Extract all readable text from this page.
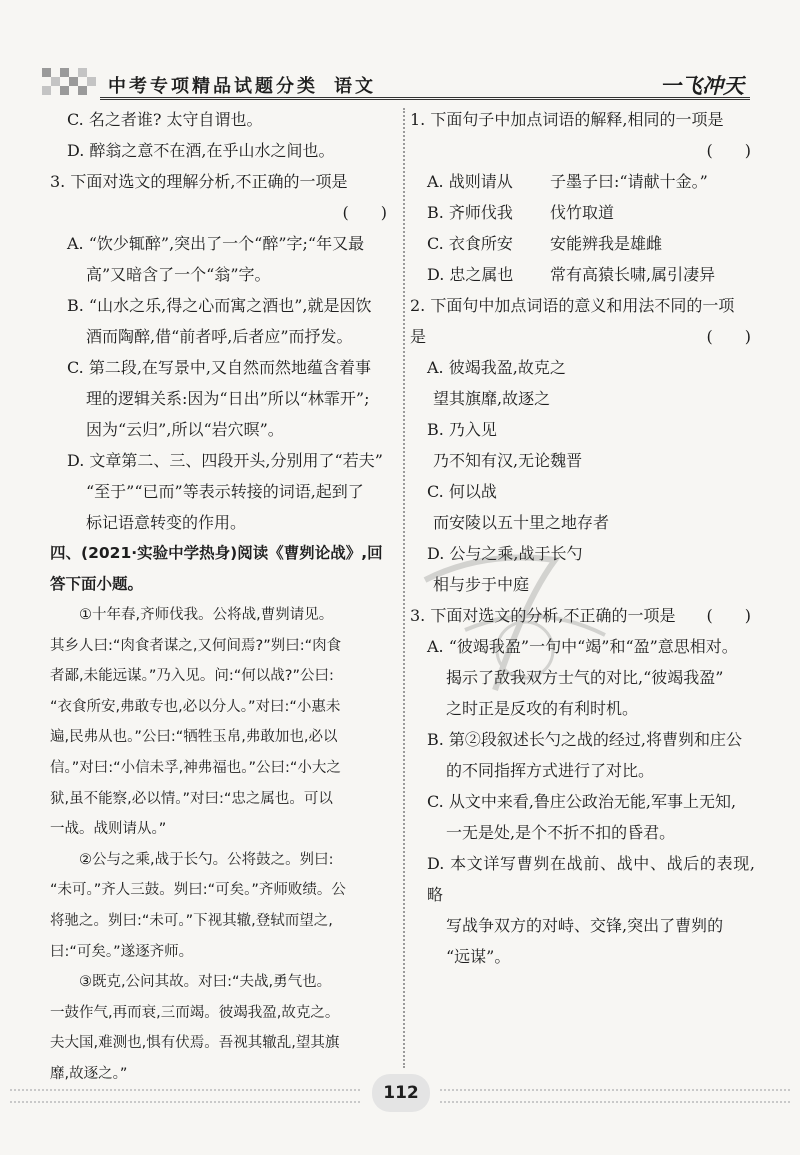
中考专项精品试题分类 语文	一飞冲天

C. 名之者谁? 太守自谓也。

D. 醉翁之意不在酒,在乎山水之间也。

3. 下面对选文的理解分析,不正确的一项是

(　　)

A. “饮少辄醉”,突出了一个“醉”字;“年又最

高”又暗含了一个“翁”字。

B. “山水之乐,得之心而寓之酒也”,就是因饮

酒而陶醉,借“前者呼,后者应”而抒发。

C. 第二段,在写景中,又自然而然地蕴含着事

理的逻辑关系:因为“日出”所以“林霏开”;

因为“云归”,所以“岩穴暝”。

D. 文章第二、三、四段开头,分别用了“若夫”

“至于”“已而”等表示转接的词语,起到了

标记语意转变的作用。

四、(2021·实验中学热身)阅读《曹刿论战》,回

答下面小题。

①十年春,齐师伐我。公将战,曹刿请见。

其乡人曰:“肉食者谋之,又何间焉?”刿曰:“肉食

者鄙,未能远谋。”乃入见。问:“何以战?”公曰:

“衣食所安,弗敢专也,必以分人。”对曰:“小惠未

遍,民弗从也。”公曰:“牺牲玉帛,弗敢加也,必以

信。”对曰:“小信未孚,神弗福也。”公曰:“小大之

狱,虽不能察,必以情。”对曰:“忠之属也。可以

一战。战则请从。”

②公与之乘,战于长勺。公将鼓之。刿曰:

“未可。”齐人三鼓。刿曰:“可矣。”齐师败绩。公

将驰之。刿曰:“未可。”下视其辙,登轼而望之,

曰:“可矣。”遂逐齐师。

③既克,公问其故。对曰:“夫战,勇气也。

一鼓作气,再而衰,三而竭。彼竭我盈,故克之。

夫大国,难测也,惧有伏焉。吾视其辙乱,望其旗

靡,故逐之。”

1. 下面句子中加点词语的解释,相同的一项是

(　　)

A. 战则请从	子墨子曰:“请献十金。”
B. 齐师伐我	伐竹取道
C. 衣食所安	安能辨我是雄雌
D. 忠之属也	常有高猿长啸,属引凄异

2. 下面句中加点词语的意义和用法不同的一项

(　　)
是

A. 彼竭我盈,故克之

望其旗靡,故逐之

B. 乃入见

乃不知有汉,无论魏晋

C. 何以战

而安陵以五十里之地存者

D. 公与之乘,战于长勺

相与步于中庭

(　　)
3. 下面对选文的分析,不正确的一项是

A. “彼竭我盈”一句中“竭”和“盈”意思相对。

揭示了敌我双方士气的对比,“彼竭我盈”

之时正是反攻的有利时机。

B. 第②段叙述长勺之战的经过,将曹刿和庄公

的不同指挥方式进行了对比。

C. 从文中来看,鲁庄公政治无能,军事上无知,

一无是处,是个不折不扣的昏君。

D. 本文详写曹刿在战前、战中、战后的表现,略

写战争双方的对峙、交锋,突出了曹刿的

“远谋”。

112
